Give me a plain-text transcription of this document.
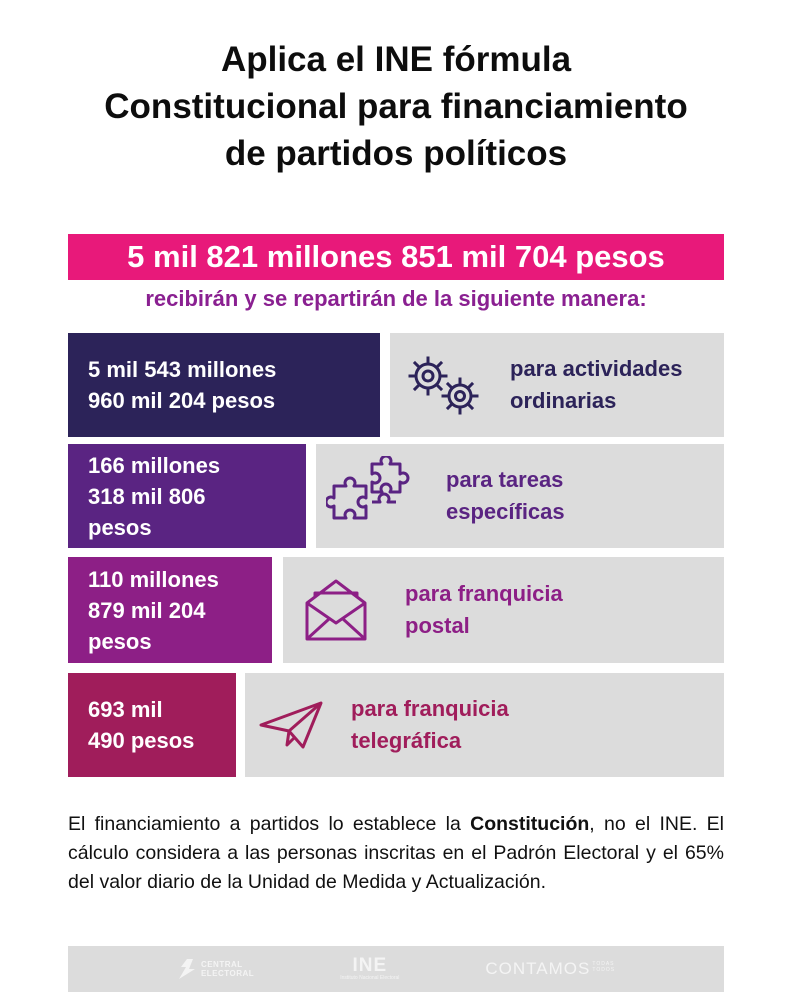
Aplica el INE fórmula
Constitucional para financiamiento
de partidos políticos
5 mil 821 millones 851 mil 704 pesos
recibirán y se repartirán de la siguiente manera:
5 mil 543 millones
960 mil 204 pesos
para actividades
ordinarias
166 millones
318 mil 806
pesos
para tareas
específicas
110 millones
879 mil 204
pesos
para franquicia
postal
693 mil
490 pesos
para franquicia
telegráfica
El financiamiento a partidos lo establece la Constitución, no el INE. El cálculo considera a las personas inscritas en el Padrón Electoral y el 65% del valor diario de la Unidad de Medida y Actualización.
CENTRAL
ELECTORAL	INE
Instituto Nacional Electoral	CONTAMOS TODAS
TODOS
